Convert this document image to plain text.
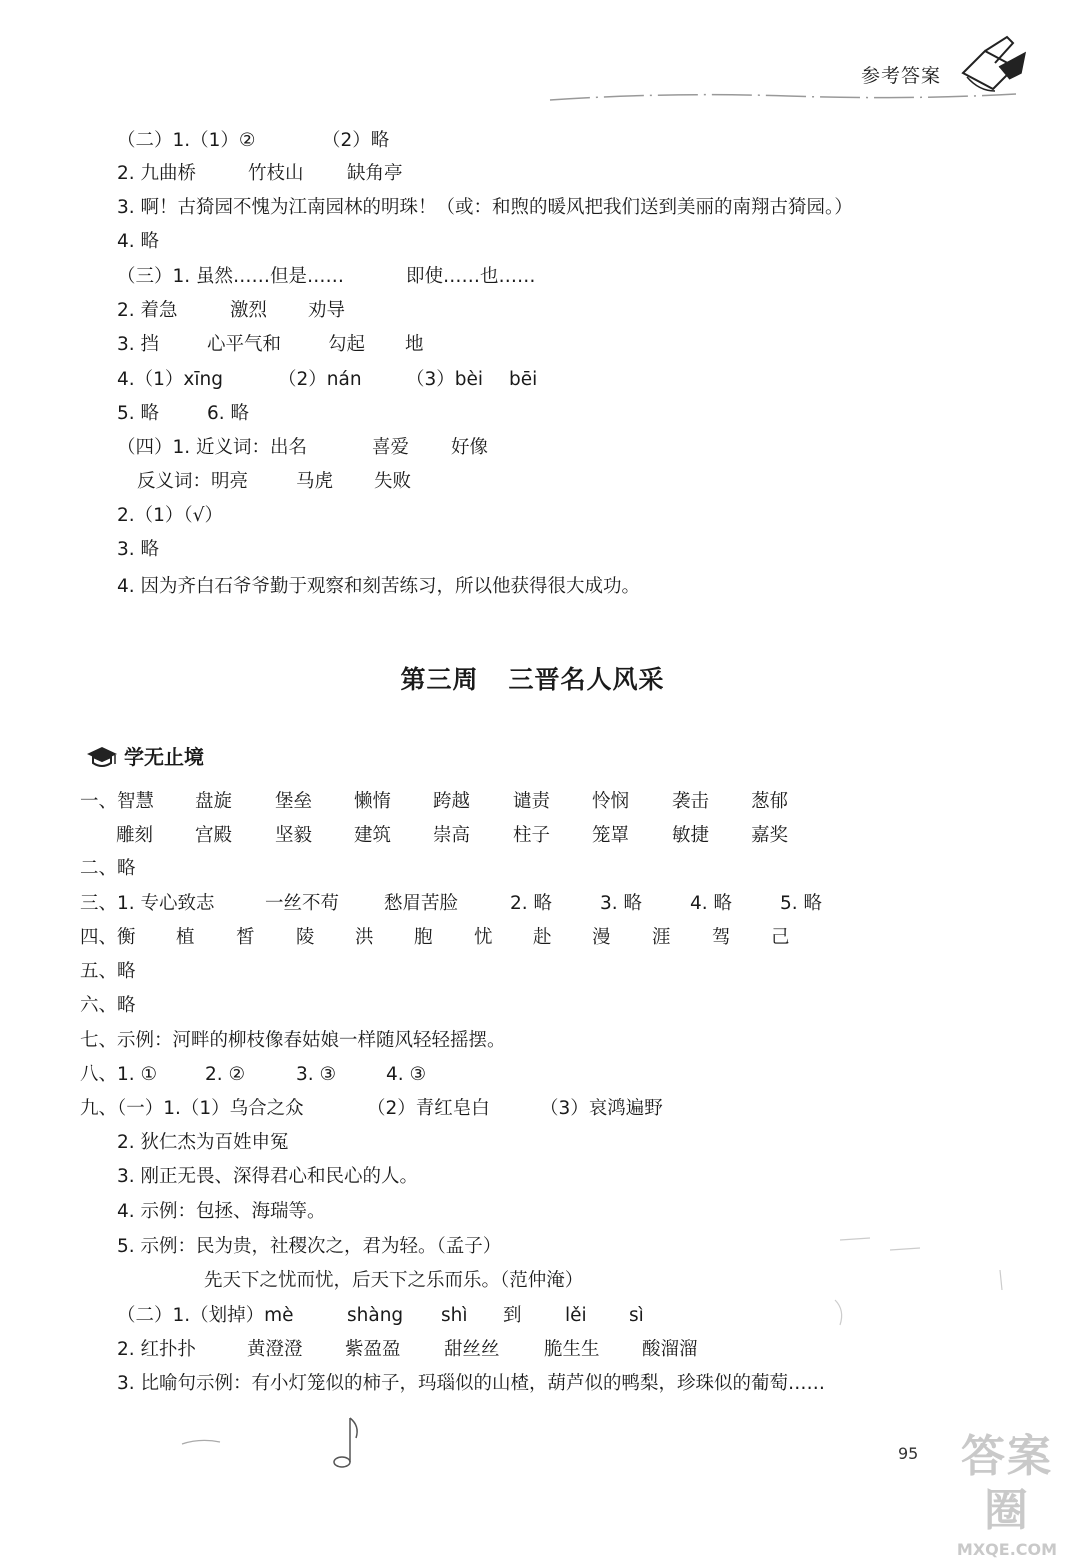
参考答案
（二）1.（1）②	（2）略
2. 九曲桥	竹枝山 缺角亭
3. 啊！古猗园不愧为江南园林的明珠！（或：和煦的暖风把我们送到美丽的南翔古猗园。）
4. 略
（三）1. 虽然……但是……	即使……也……
2. 着急	激烈 劝导
3. 挡	心平气和	勾起 地
4.（1）xīng	（2）nán （3）bèi bēi
5. 略	6. 略
（四）1. 近义词：出名	喜爱 好像
反义词：明亮	马虎 失败
2.（1）（√）
3. 略
4. 因为齐白石爷爷勤于观察和刻苦练习，所以他获得很大成功。
第三周 三晋名人风采
学无止境
一、智慧 盘旋 堡垒 懒惰 跨越 谴责 怜悯 袭击 葱郁
雕刻 宫殿 坚毅 建筑 崇高 柱子 笼罩 敏捷 嘉奖
二、略
三、1. 专心致志	一丝不苟 愁眉苦脸	2. 略	3. 略	4. 略	5. 略
四、衡 植 皙 陵 洪 胞 忧 赴 漫 涯 驾 己
五、略
六、略
七、示例：河畔的柳枝像春姑娘一样随风轻轻摇摆。
八、1. ①	2. ②	3. ③	4. ③
九、（一）1.（1）乌合之众	（2）青红皂白	（3）哀鸿遍野
2. 狄仁杰为百姓申冤
3. 刚正无畏、深得君心和民心的人。
4. 示例：包拯、海瑞等。
5. 示例：民为贵，社稷次之，君为轻。（孟子）
先天下之忧而忧，后天下之乐而乐。（范仲淹）
（二）1.（划掉）mè	shàng shì 到 lěi sì
2. 红扑扑	黄澄澄 紫盈盈 甜丝丝 脆生生 酸溜溜
3. 比喻句示例：有小灯笼似的柿子，玛瑙似的山楂，葫芦似的鸭梨，珍珠似的葡萄……
95 答案圈
MXQE.COM
